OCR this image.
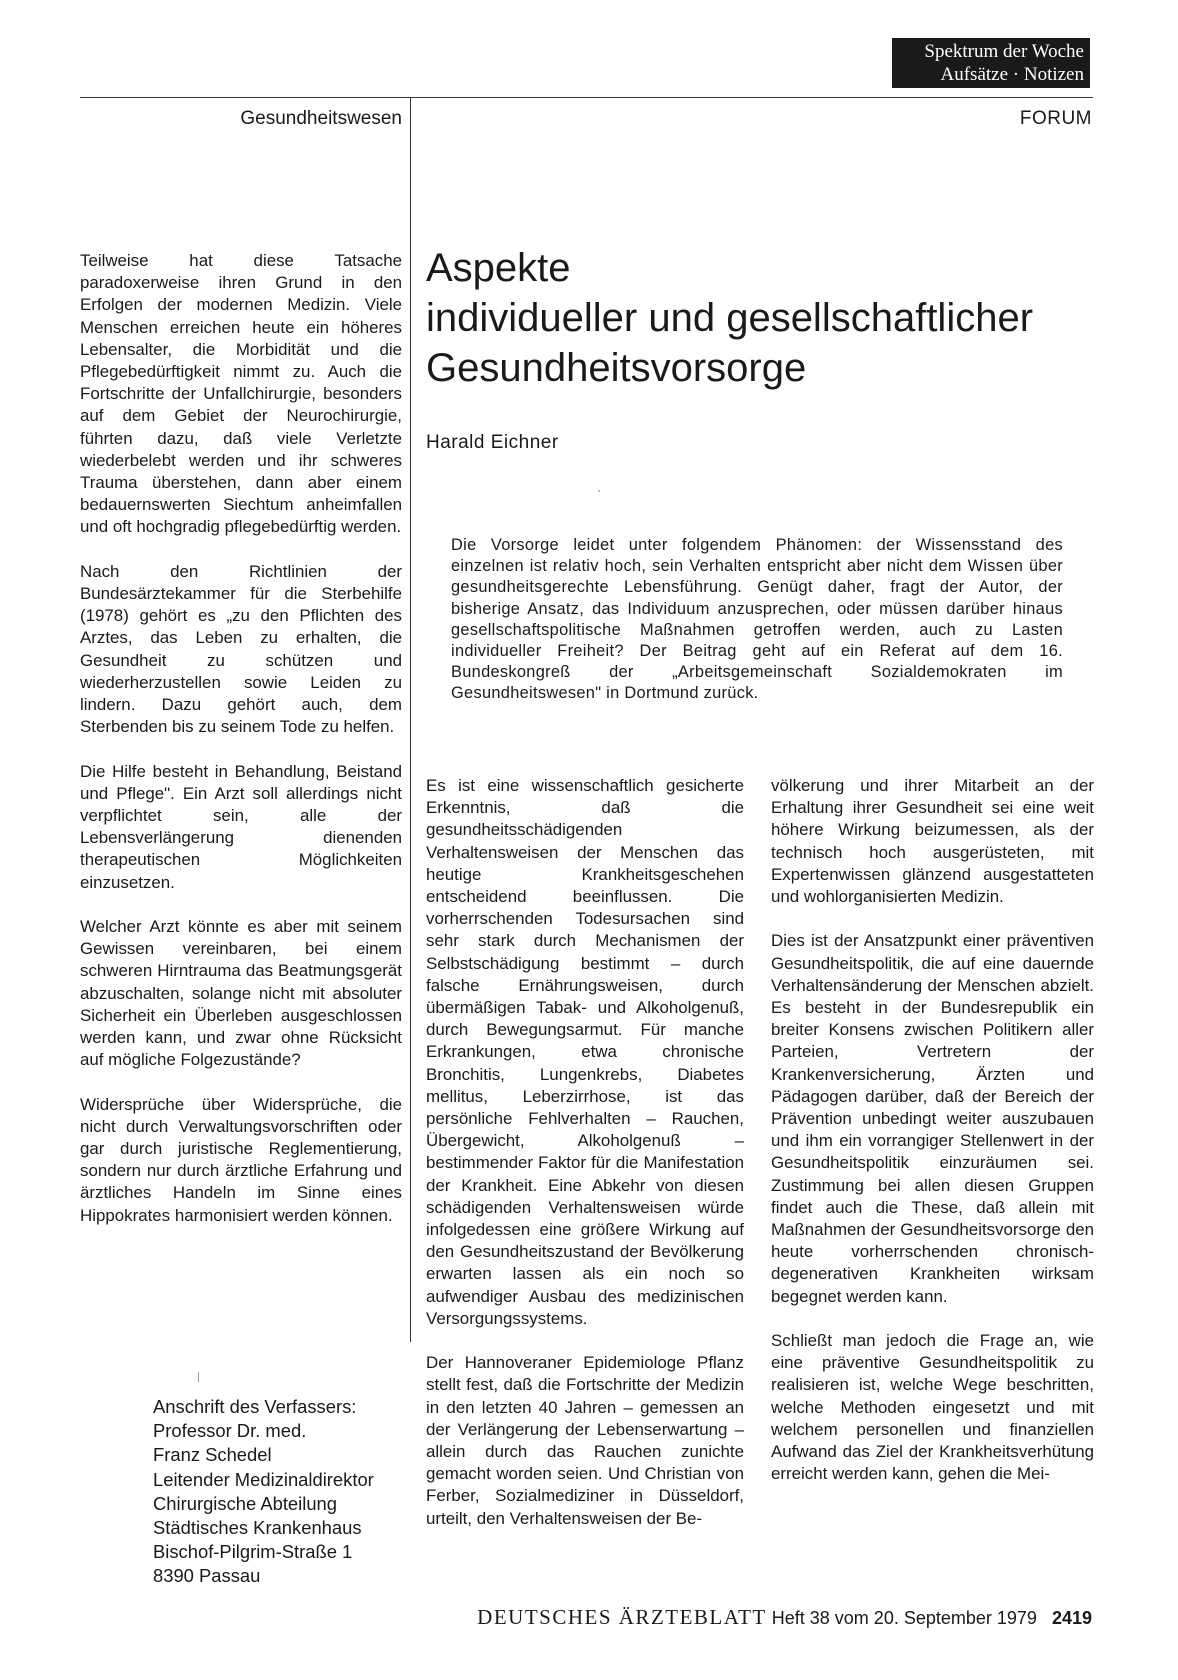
Spektrum der Woche
Aufsätze · Notizen
Gesundheitswesen	FORUM
Aspekte
individueller und gesellschaftlicher
Gesundheitsvorsorge
Harald Eichner
Die Vorsorge leidet unter folgendem Phänomen: der Wissensstand des einzelnen ist relativ hoch, sein Verhalten entspricht aber nicht dem Wissen über gesundheitsgerechte Lebensführung. Genügt daher, fragt der Autor, der bisherige Ansatz, das Individuum anzusprechen, oder müssen darüber hinaus gesellschaftspolitische Maßnahmen getroffen werden, auch zu Lasten individueller Freiheit? Der Beitrag geht auf ein Referat auf dem 16. Bundeskongreß der „Arbeitsgemeinschaft Sozialdemokraten im Gesundheitswesen" in Dortmund zurück.

Teilweise hat diese Tatsache paradoxerweise ihren Grund in den Erfolgen der modernen Medizin. Viele Menschen erreichen heute ein höheres Lebensalter, die Morbidität und die Pflegebedürftigkeit nimmt zu. Auch die Fortschritte der Unfallchirurgie, besonders auf dem Gebiet der Neurochirurgie, führten dazu, daß viele Verletzte wiederbelebt werden und ihr schweres Trauma überstehen, dann aber einem bedauernswerten Siechtum anheimfallen und oft hochgradig pflegebedürftig werden.

Nach den Richtlinien der Bundesärztekammer für die Sterbehilfe (1978) gehört es „zu den Pflichten des Arztes, das Leben zu erhalten, die Gesundheit zu schützen und wiederherzustellen sowie Leiden zu lindern. Dazu gehört auch, dem Sterbenden bis zu seinem Tode zu helfen.

Die Hilfe besteht in Behandlung, Beistand und Pflege". Ein Arzt soll allerdings nicht verpflichtet sein, alle der Lebensverlängerung dienenden therapeutischen Möglichkeiten einzusetzen.

Welcher Arzt könnte es aber mit seinem Gewissen vereinbaren, bei einem schweren Hirntrauma das Beatmungsgerät abzuschalten, solange nicht mit absoluter Sicherheit ein Überleben ausgeschlossen werden kann, und zwar ohne Rücksicht auf mögliche Folgezustände?

Widersprüche über Widersprüche, die nicht durch Verwaltungsvorschriften oder gar durch juristische Reglementierung, sondern nur durch ärztliche Erfahrung und ärztliches Handeln im Sinne eines Hippokrates harmonisiert werden können.

Anschrift des Verfassers:
Professor Dr. med.
Franz Schedel
Leitender Medizinaldirektor
Chirurgische Abteilung
Städtisches Krankenhaus
Bischof-Pilgrim-Straße 1
8390 Passau

Es ist eine wissenschaftlich gesicherte Erkenntnis, daß die gesundheitsschädigenden Verhaltensweisen der Menschen das heutige Krankheitsgeschehen entscheidend beeinflussen. Die vorherrschenden Todesursachen sind sehr stark durch Mechanismen der Selbstschädigung bestimmt – durch falsche Ernährungsweisen, durch übermäßigen Tabak- und Alkoholgenuß, durch Bewegungsarmut. Für manche Erkrankungen, etwa chronische Bronchitis, Lungenkrebs, Diabetes mellitus, Leberzirrhose, ist das persönliche Fehlverhalten – Rauchen, Übergewicht, Alkoholgenuß – bestimmender Faktor für die Manifestation der Krankheit. Eine Abkehr von diesen schädigenden Verhaltensweisen würde infolgedessen eine größere Wirkung auf den Gesundheitszustand der Bevölkerung erwarten lassen als ein noch so aufwendiger Ausbau des medizinischen Versorgungssystems.

Der Hannoveraner Epidemiologe Pflanz stellt fest, daß die Fortschritte der Medizin in den letzten 40 Jahren – gemessen an der Verlängerung der Lebenserwartung – allein durch das Rauchen zunichte gemacht worden seien. Und Christian von Ferber, Sozialmediziner in Düsseldorf, urteilt, den Verhaltensweisen der Be-

völkerung und ihrer Mitarbeit an der Erhaltung ihrer Gesundheit sei eine weit höhere Wirkung beizumessen, als der technisch hoch ausgerüsteten, mit Expertenwissen glänzend ausgestatteten und wohlorganisierten Medizin.

Dies ist der Ansatzpunkt einer präventiven Gesundheitspolitik, die auf eine dauernde Verhaltensänderung der Menschen abzielt. Es besteht in der Bundesrepublik ein breiter Konsens zwischen Politikern aller Parteien, Vertretern der Krankenversicherung, Ärzten und Pädagogen darüber, daß der Bereich der Prävention unbedingt weiter auszubauen und ihm ein vorrangiger Stellenwert in der Gesundheitspolitik einzuräumen sei. Zustimmung bei allen diesen Gruppen findet auch die These, daß allein mit Maßnahmen der Gesundheitsvorsorge den heute vorherrschenden chronisch-degenerativen Krankheiten wirksam begegnet werden kann.

Schließt man jedoch die Frage an, wie eine präventive Gesundheitspolitik zu realisieren ist, welche Wege beschritten, welche Methoden eingesetzt und mit welchem personellen und finanziellen Aufwand das Ziel der Krankheitsverhütung erreicht werden kann, gehen die Mei-

DEUTSCHES ÄRZTEBLATT Heft 38 vom 20. September 1979 2419
